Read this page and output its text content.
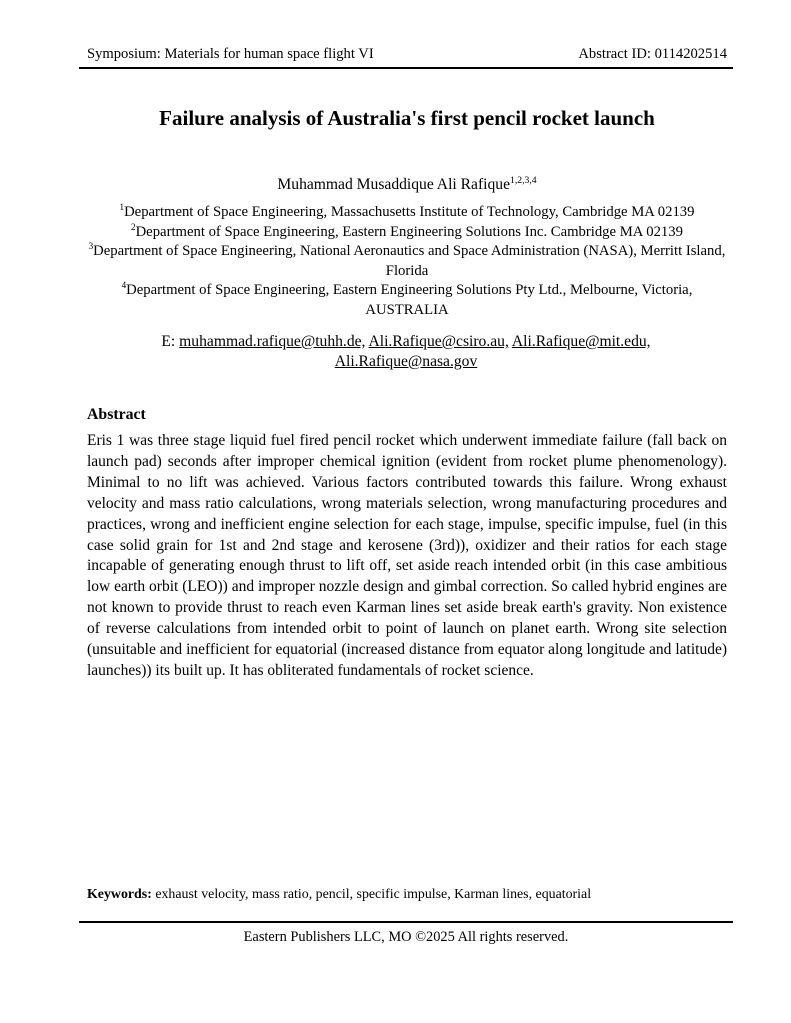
Symposium: Materials for human space flight VI	Abstract ID: 0114202514
Failure analysis of Australia's first pencil rocket launch

Muhammad Musaddique Ali Rafique$^{1,2,3,4}$

$^1$Department of Space Engineering, Massachusetts Institute of Technology, Cambridge MA 02139

$^2$Department of Space Engineering, Eastern Engineering Solutions Inc. Cambridge MA 02139

$^3$Department of Space Engineering, National Aeronautics and Space Administration (NASA), Merritt Island, Florida

$^4$Department of Space Engineering, Eastern Engineering Solutions Pty Ltd., Melbourne, Victoria, AUSTRALIA

E: muhammad.rafique@tuhh.de, Ali.Rafique@csiro.au, Ali.Rafique@mit.edu, Ali.Rafique@nasa.gov

Abstract

Eris 1 was three stage liquid fuel fired pencil rocket which underwent immediate failure (fall back on launch pad) seconds after improper chemical ignition (evident from rocket plume phenomenology). Minimal to no lift was achieved. Various factors contributed towards this failure. Wrong exhaust velocity and mass ratio calculations, wrong materials selection, wrong manufacturing procedures and practices, wrong and inefficient engine selection for each stage, impulse, specific impulse, fuel (in this case solid grain for 1st and 2nd stage and kerosene (3rd)), oxidizer and their ratios for each stage incapable of generating enough thrust to lift off, set aside reach intended orbit (in this case ambitious low earth orbit (LEO)) and improper nozzle design and gimbal correction. So called hybrid engines are not known to provide thrust to reach even Karman lines set aside break earth's gravity. Non existence of reverse calculations from intended orbit to point of launch on planet earth. Wrong site selection (unsuitable and inefficient for equatorial (increased distance from equator along longitude and latitude) launches)) its built up. It has obliterated fundamentals of rocket science.

Keywords: exhaust velocity, mass ratio, pencil, specific impulse, Karman lines, equatorial

Eastern Publishers LLC, MO ©2025 All rights reserved.
